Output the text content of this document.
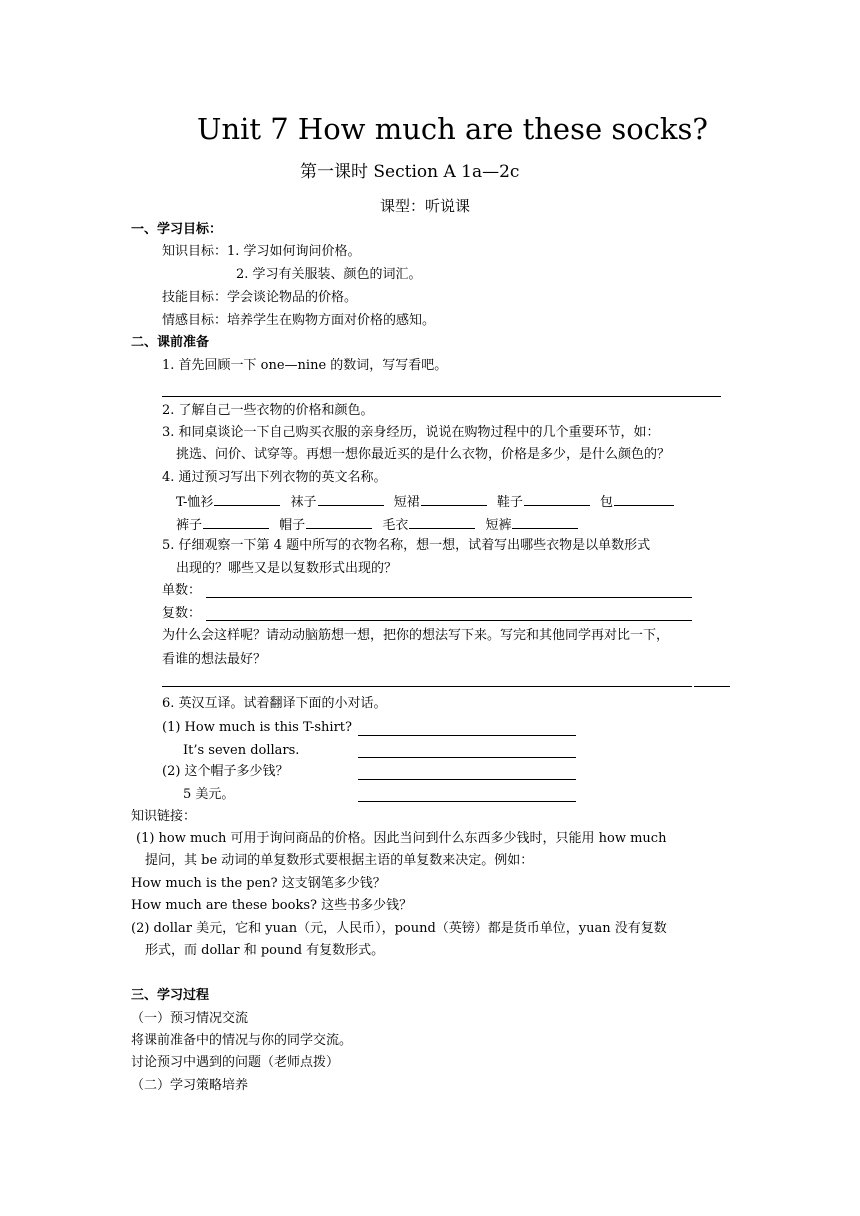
Unit 7 How much are these socks?
第一课时 Section A 1a—2c
课型：听说课
一、学习目标：
知识目标：1. 学习如何询问价格。
2. 学习有关服装、颜色的词汇。
技能目标：学会谈论物品的价格。
情感目标：培养学生在购物方面对价格的感知。
二、课前准备
1. 首先回顾一下 one—nine 的数词，写写看吧。
2. 了解自己一些衣物的价格和颜色。
3. 和同桌谈论一下自己购买衣服的亲身经历，说说在购物过程中的几个重要环节，如：
挑选、问价、试穿等。再想一想你最近买的是什么衣物，价格是多少，是什么颜色的？
4. 通过预习写出下列衣物的英文名称。
T-恤衫	袜子	短裙	鞋子	包
裤子	帽子	毛衣	短裤
5. 仔细观察一下第 4 题中所写的衣物名称，想一想，试着写出哪些衣物是以单数形式
出现的？哪些又是以复数形式出现的？
单数：
复数：
为什么会这样呢？请动动脑筋想一想，把你的想法写下来。写完和其他同学再对比一下，
看谁的想法最好？
6. 英汉互译。试着翻译下面的小对话。
(1) How much is this T-shirt?
It’s seven dollars.
(2) 这个帽子多少钱？
5 美元。
知识链接：
(1) how much 可用于询问商品的价格。因此当问到什么东西多少钱时，只能用 how much
提问，其 be 动词的单复数形式要根据主语的单复数来决定。例如：
How much is the pen? 这支钢笔多少钱？
How much are these books? 这些书多少钱？
(2) dollar 美元，它和 yuan（元，人民币），pound（英镑）都是货币单位，yuan 没有复数
形式，而 dollar 和 pound 有复数形式。
三、学习过程
（一）预习情况交流
将课前准备中的情况与你的同学交流。
讨论预习中遇到的问题（老师点拨）
（二）学习策略培养
